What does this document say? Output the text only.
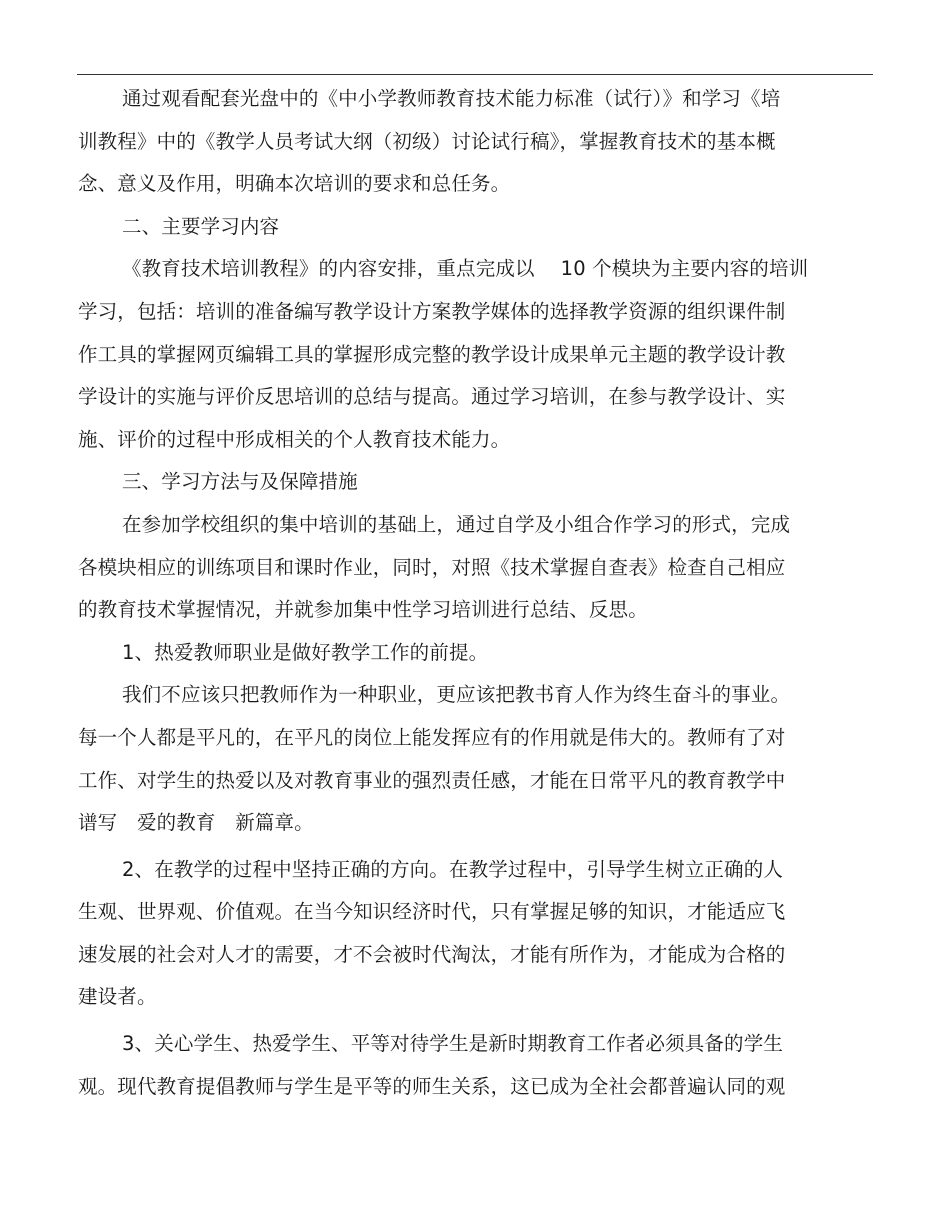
通过观看配套光盘中的《中小学教师教育技术能力标准（试行）》和学习《培
训教程》中的《教学人员考试大纲（初级）讨论试行稿》，掌握教育技术的基本概
念、意义及作用，明确本次培训的要求和总任务。
二、主要学习内容
《教育技术培训教程》的内容安排，重点完成以　 10 个模块为主要内容的培训
学习，包括：培训的准备编写教学设计方案教学媒体的选择教学资源的组织课件制
作工具的掌握网页编辑工具的掌握形成完整的教学设计成果单元主题的教学设计教
学设计的实施与评价反思培训的总结与提高。通过学习培训，在参与教学设计、实
施、评价的过程中形成相关的个人教育技术能力。
三、学习方法与及保障措施
在参加学校组织的集中培训的基础上，通过自学及小组合作学习的形式，完成
各模块相应的训练项目和课时作业，同时，对照《技术掌握自查表》检查自己相应
的教育技术掌握情况，并就参加集中性学习培训进行总结、反思。
1、热爱教师职业是做好教学工作的前提。
我们不应该只把教师作为一种职业，更应该把教书育人作为终生奋斗的事业。
每一个人都是平凡的，在平凡的岗位上能发挥应有的作用就是伟大的。教师有了对
工作、对学生的热爱以及对教育事业的强烈责任感，才能在日常平凡的教育教学中
谱写　爱的教育　新篇章。
2、在教学的过程中坚持正确的方向。在教学过程中，引导学生树立正确的人
生观、世界观、价值观。在当今知识经济时代，只有掌握足够的知识，才能适应飞
速发展的社会对人才的需要，才不会被时代淘汰，才能有所作为，才能成为合格的
建设者。
3、关心学生、热爱学生、平等对待学生是新时期教育工作者必须具备的学生
观。现代教育提倡教师与学生是平等的师生关系，这已成为全社会都普遍认同的观
